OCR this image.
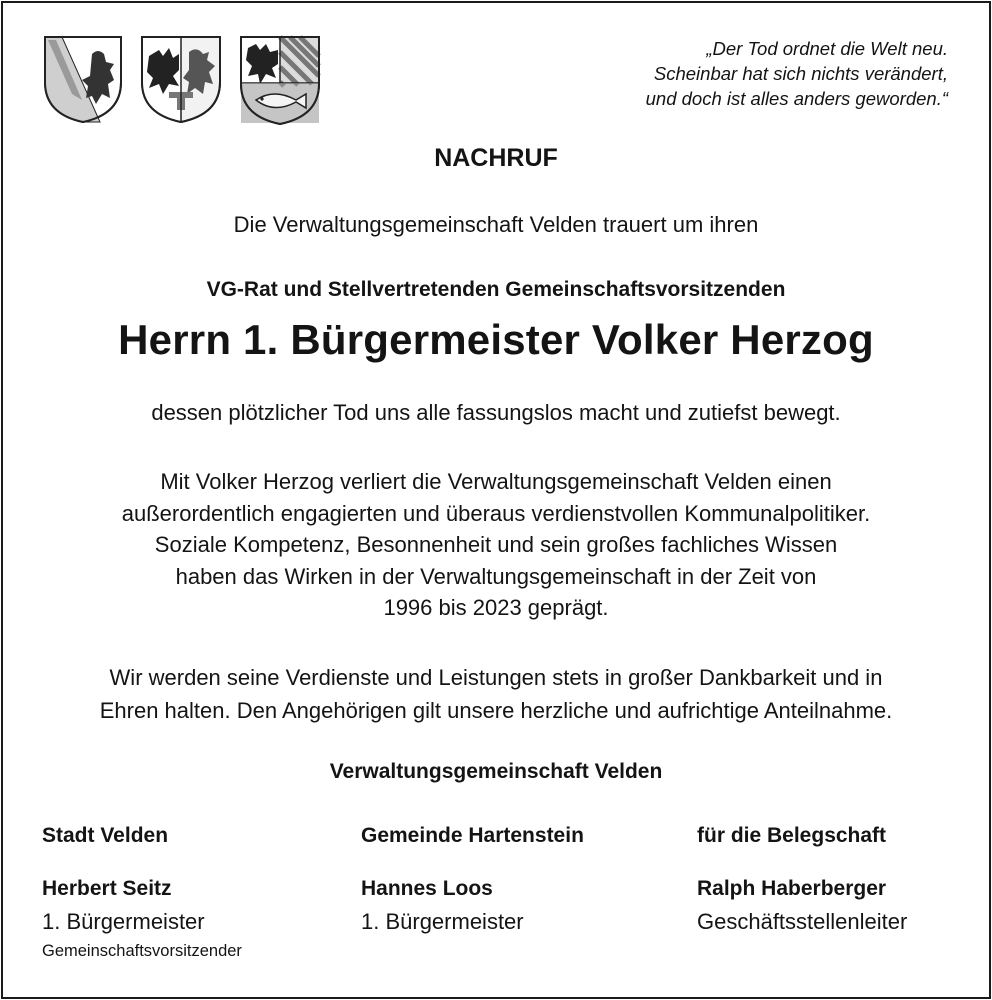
„Der Tod ordnet die Welt neu.
Scheinbar hat sich nichts verändert,
und doch ist alles anders geworden.“
NACHRUF
Die Verwaltungsgemeinschaft Velden trauert um ihren
VG-Rat und Stellvertretenden Gemeinschaftsvorsitzenden
Herrn 1. Bürgermeister Volker Herzog
dessen plötzlicher Tod uns alle fassungslos macht und zutiefst bewegt.
Mit Volker Herzog verliert die Verwaltungsgemeinschaft Velden einen
außerordentlich engagierten und überaus verdienstvollen Kommunalpolitiker.
Soziale Kompetenz, Besonnenheit und sein großes fachliches Wissen
haben das Wirken in der Verwaltungsgemeinschaft in der Zeit von
1996 bis 2023 geprägt.
Wir werden seine Verdienste und Leistungen stets in großer Dankbarkeit und in
Ehren halten. Den Angehörigen gilt unsere herzliche und aufrichtige Anteilnahme.
Verwaltungsgemeinschaft Velden
Stadt Velden
Herbert Seitz
1. Bürgermeister
Gemeinschaftsvorsitzender
Gemeinde Hartenstein
Hannes Loos
1. Bürgermeister
für die Belegschaft
Ralph Haberberger
Geschäftsstellenleiter
